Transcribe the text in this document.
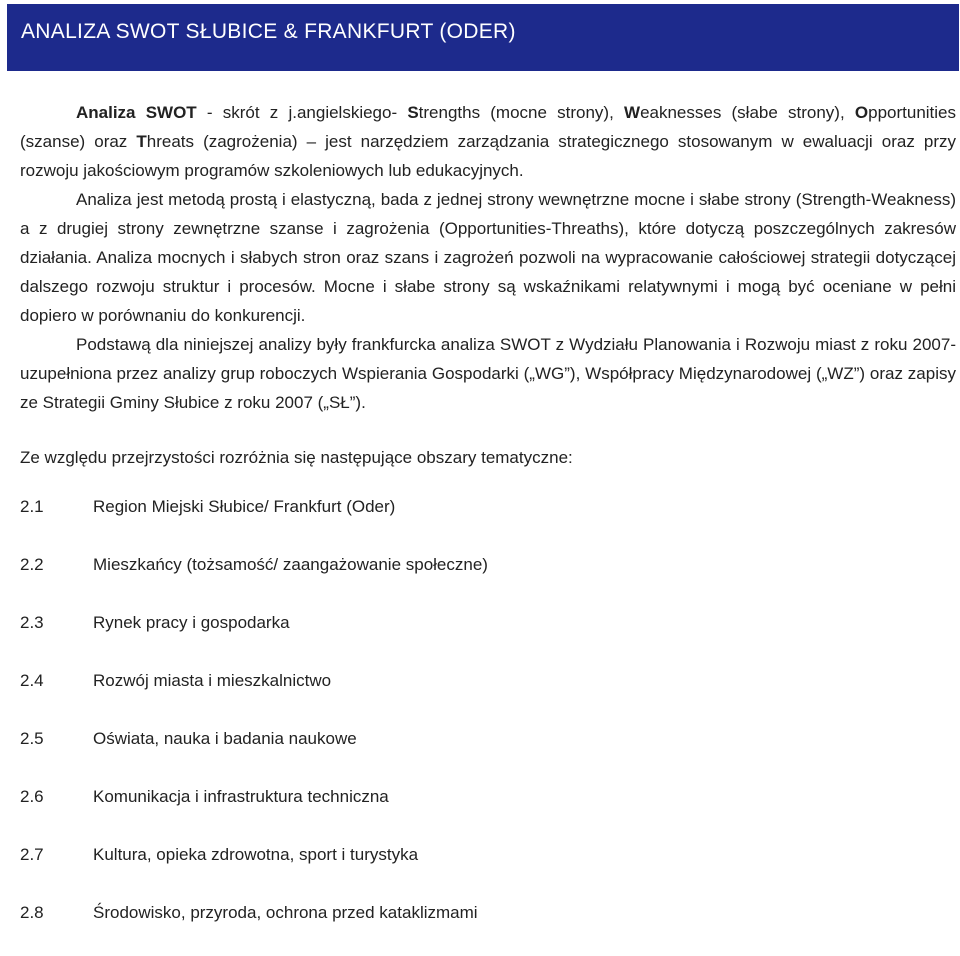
ANALIZA SWOT SŁUBICE & FRANKFURT (ODER)

Analiza SWOT - skrót z j.angielskiego- Strengths (mocne strony), Weaknesses (słabe strony), Opportunities (szanse) oraz Threats (zagrożenia) – jest narzędziem zarządzania strategicznego stosowanym w ewaluacji oraz przy rozwoju jakościowym programów szkoleniowych lub edukacyjnych.

Analiza jest metodą prostą i elastyczną, bada z jednej strony wewnętrzne mocne i słabe strony (Strength-Weakness) a z drugiej strony zewnętrzne szanse i zagrożenia (Opportunities-Threaths), które dotyczą poszczególnych zakresów działania. Analiza mocnych i słabych stron oraz szans i zagrożeń pozwoli na wypracowanie całościowej strategii dotyczącej dalszego rozwoju struktur i procesów. Mocne i słabe strony są wskaźnikami relatywnymi i mogą być oceniane w pełni dopiero w porównaniu do konkurencji.

Podstawą dla niniejszej analizy były frankfurcka analiza SWOT z Wydziału Planowania i Rozwoju miast z roku 2007- uzupełniona przez analizy grup roboczych Wspierania Gospodarki („WG”), Współpracy Międzynarodowej („WZ”) oraz zapisy ze Strategii Gminy Słubice z roku 2007 („SŁ”).

Ze względu przejrzystości rozróżnia się następujące obszary tematyczne:

2.1	Region Miejski Słubice/ Frankfurt (Oder)
2.2	Mieszkańcy (tożsamość/ zaangażowanie społeczne)
2.3	Rynek pracy i gospodarka
2.4	Rozwój miasta i mieszkalnictwo
2.5	Oświata, nauka i badania naukowe
2.6	Komunikacja i infrastruktura techniczna
2.7	Kultura, opieka zdrowotna, sport i turystyka
2.8	Środowisko, przyroda, ochrona przed kataklizmami
